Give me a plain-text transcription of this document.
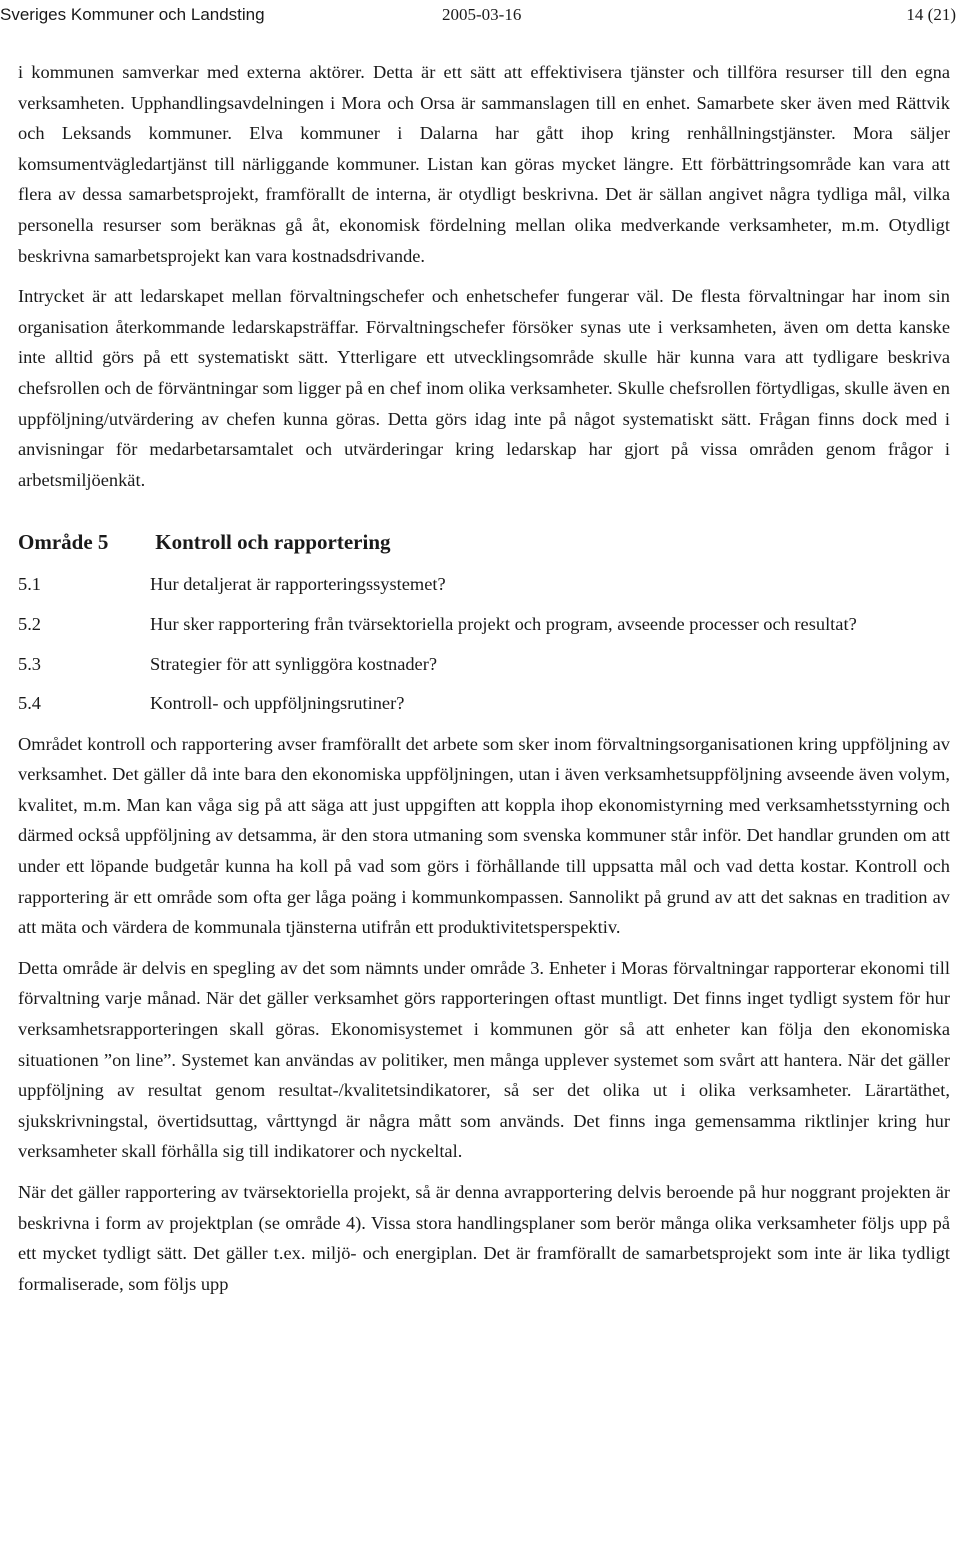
Sveriges Kommuner och Landsting	2005-03-16	14 (21)

i kommunen samverkar med externa aktörer. Detta är ett sätt att effektivisera tjänster och tillföra resurser till den egna verksamheten. Upphandlingsavdelningen i Mora och Orsa är sammanslagen till en enhet. Samarbete sker även med Rättvik och Leksands kommuner. Elva kommuner i Dalarna har gått ihop kring renhållningstjänster. Mora säljer komsumentvägledartjänst till närliggande kommuner. Listan kan göras mycket längre. Ett förbättringsområde kan vara att flera av dessa samarbetsprojekt, framförallt de interna, är otydligt beskrivna. Det är sällan angivet några tydliga mål, vilka personella resurser som beräknas gå åt, ekonomisk fördelning mellan olika medverkande verksamheter, m.m. Otydligt beskrivna samarbetsprojekt kan vara kostnadsdrivande.

Intrycket är att ledarskapet mellan förvaltningschefer och enhetschefer fungerar väl. De flesta förvaltningar har inom sin organisation återkommande ledarskapsträffar. Förvaltningschefer försöker synas ute i verksamheten, även om detta kanske inte alltid görs på ett systematiskt sätt. Ytterligare ett utvecklingsområde skulle här kunna vara att tydligare beskriva chefsrollen och de förväntningar som ligger på en chef inom olika verksamheter. Skulle chefsrollen förtydligas, skulle även en uppföljning/utvärdering av chefen kunna göras. Detta görs idag inte på något systematiskt sätt. Frågan finns dock med i anvisningar för medarbetarsamtalet och utvärderingar kring ledarskap har gjort på vissa områden genom frågor i arbetsmiljöenkät.

Område 5 Kontroll och rapportering
5.1	Hur detaljerat är rapporteringssystemet?
5.2	Hur sker rapportering från tvärsektoriella projekt och program, avseende processer och resultat?
5.3	Strategier för att synliggöra kostnader?
5.4	Kontroll- och uppföljningsrutiner?

Området kontroll och rapportering avser framförallt det arbete som sker inom förvaltningsorganisationen kring uppföljning av verksamhet. Det gäller då inte bara den ekonomiska uppföljningen, utan i även verksamhetsuppföljning avseende även volym, kvalitet, m.m. Man kan våga sig på att säga att just uppgiften att koppla ihop ekonomistyrning med verksamhetsstyrning och därmed också uppföljning av detsamma, är den stora utmaning som svenska kommuner står inför. Det handlar grunden om att under ett löpande budgetår kunna ha koll på vad som görs i förhållande till uppsatta mål och vad detta kostar. Kontroll och rapportering är ett område som ofta ger låga poäng i kommunkompassen. Sannolikt på grund av att det saknas en tradition av att mäta och värdera de kommunala tjänsterna utifrån ett produktivitetsperspektiv.

Detta område är delvis en spegling av det som nämnts under område 3. Enheter i Moras förvaltningar rapporterar ekonomi till förvaltning varje månad. När det gäller verksamhet görs rapporteringen oftast muntligt. Det finns inget tydligt system för hur verksamhetsrapporteringen skall göras. Ekonomisystemet i kommunen gör så att enheter kan följa den ekonomiska situationen ”on line”. Systemet kan användas av politiker, men många upplever systemet som svårt att hantera. När det gäller uppföljning av resultat genom resultat-/kvalitetsindikatorer, så ser det olika ut i olika verksamheter. Lärartäthet, sjukskrivningstal, övertidsuttag, vårttyngd är några mått som används. Det finns inga gemensamma riktlinjer kring hur verksamheter skall förhålla sig till indikatorer och nyckeltal.

När det gäller rapportering av tvärsektoriella projekt, så är denna avrapportering delvis beroende på hur noggrant projekten är beskrivna i form av projektplan (se område 4). Vissa stora handlingsplaner som berör många olika verksamheter följs upp på ett mycket tydligt sätt. Det gäller t.ex. miljö- och energiplan. Det är framförallt de samarbetsprojekt som inte är lika tydligt formaliserade, som följs upp
